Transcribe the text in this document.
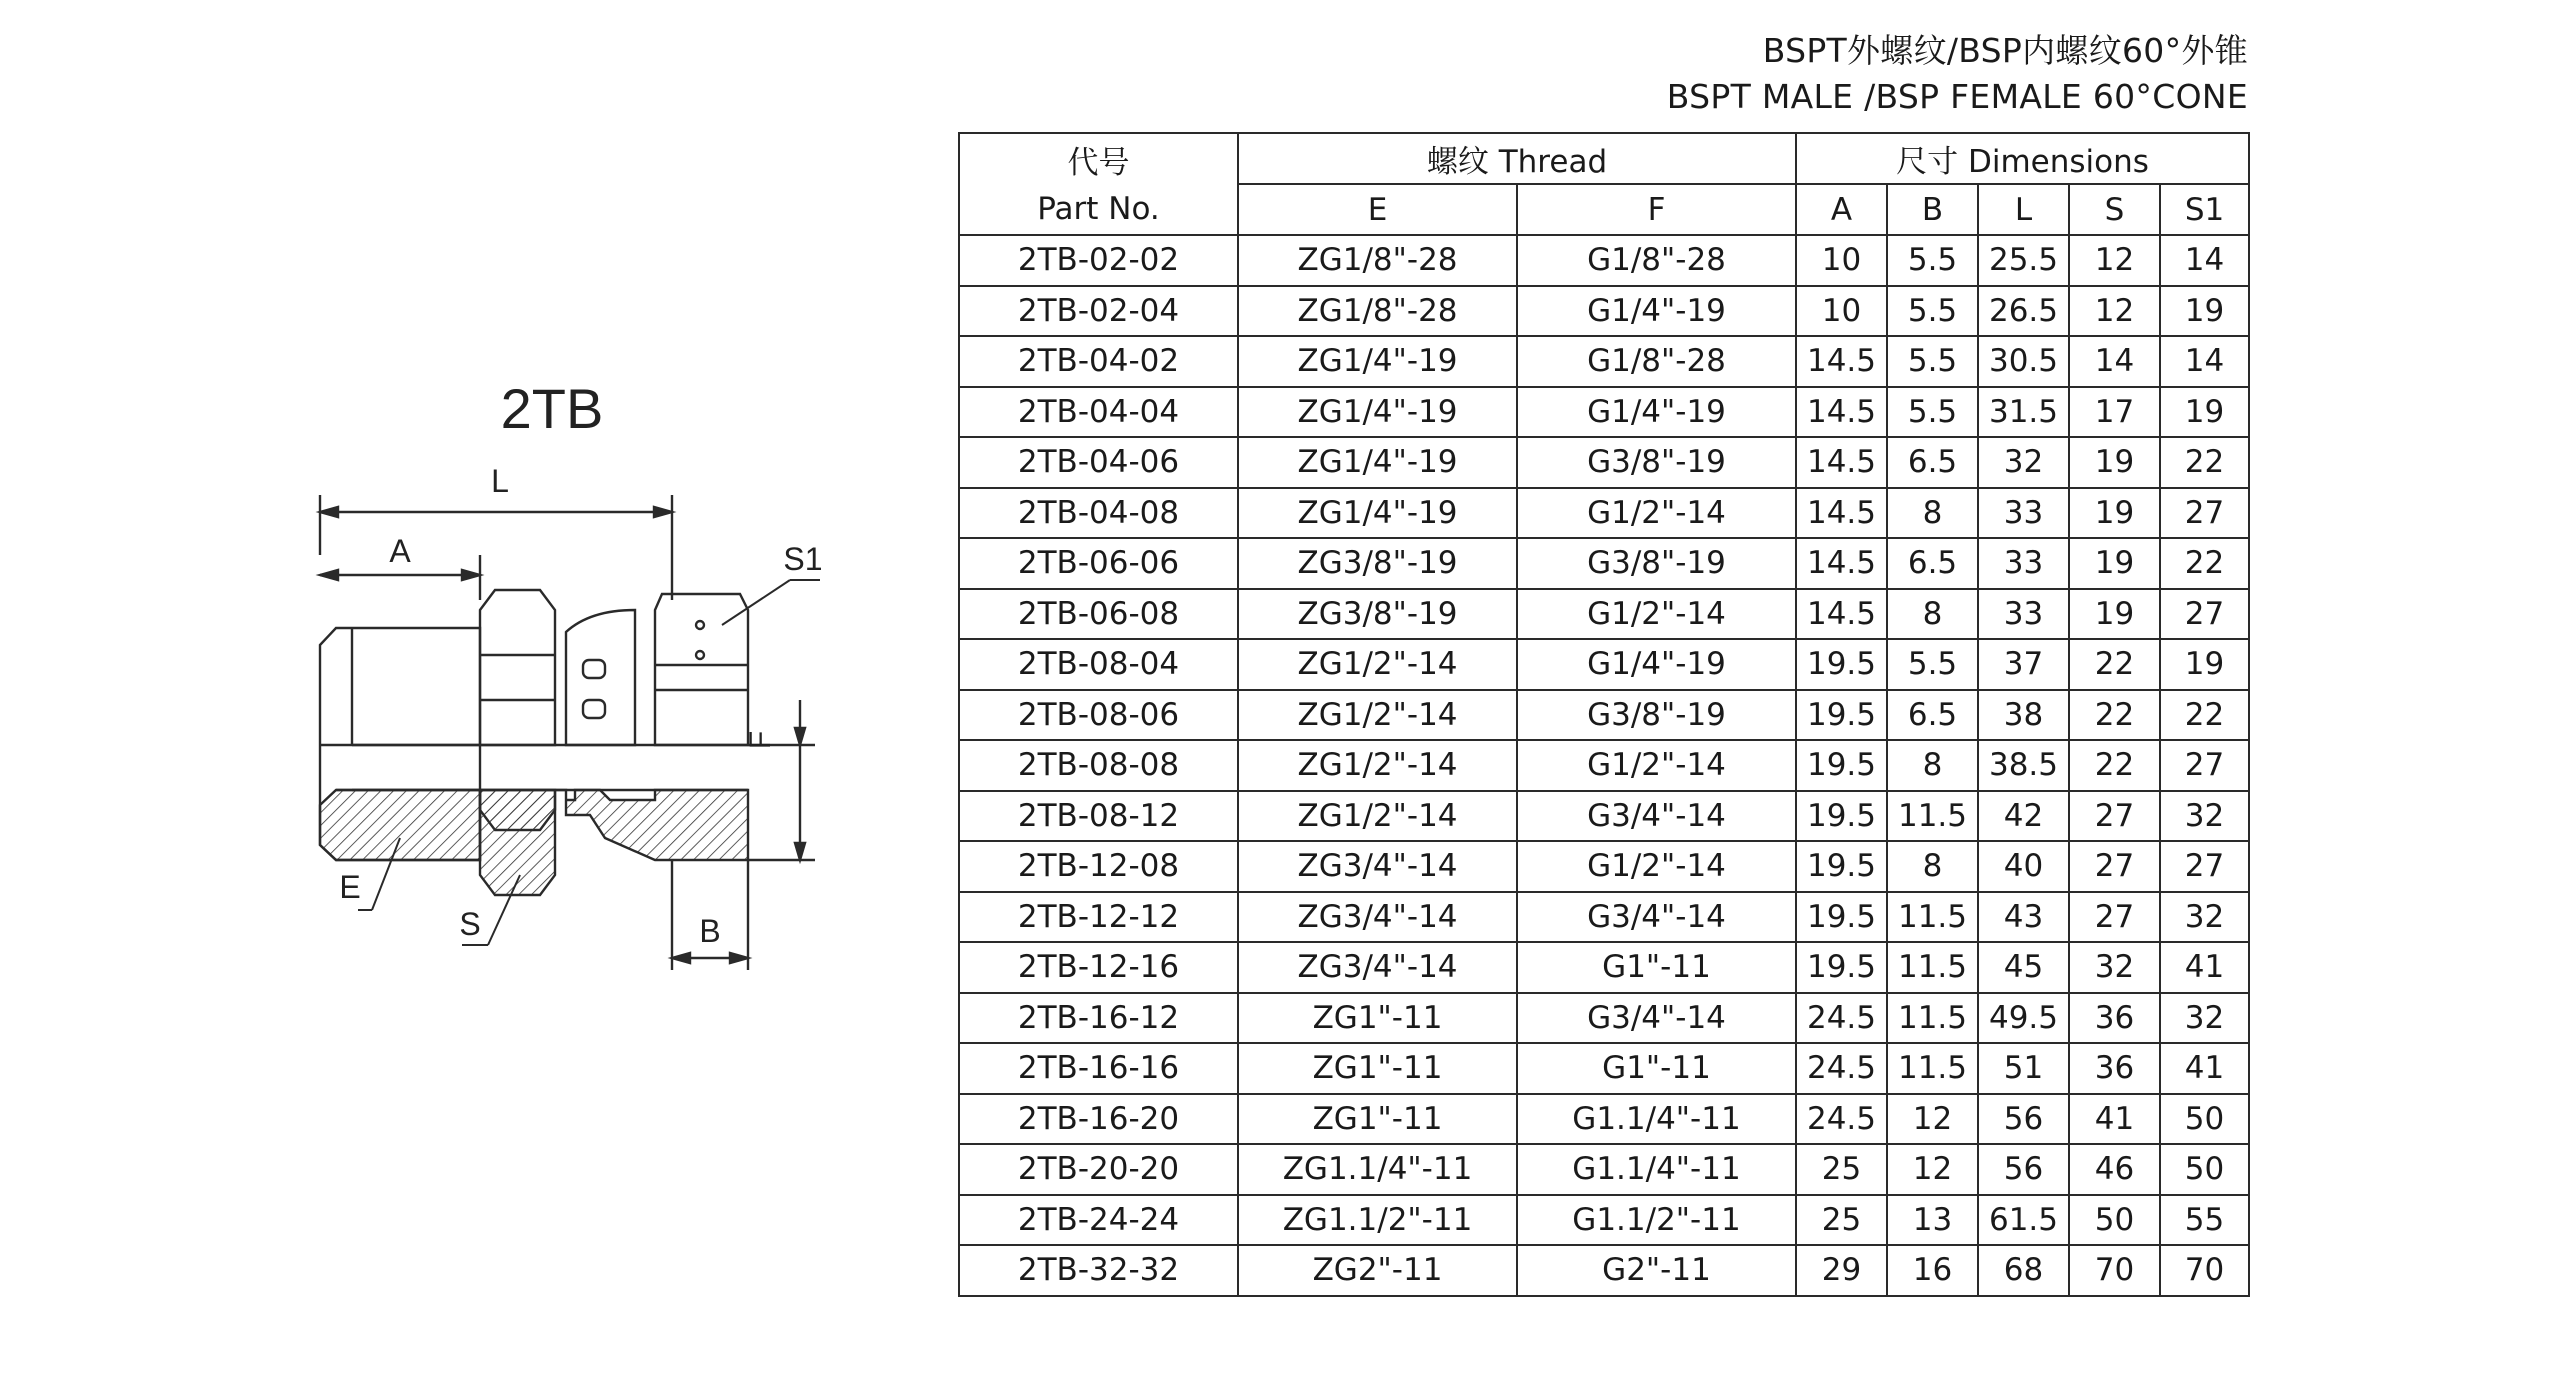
2TB
L
A	S1
F
E
S	B
BSPT外螺纹/BSP内螺纹60°外锥
BSPT MALE /BSP FEMALE 60°CONE
代号	螺纹 Thread		尺寸 Dimensions				
Part No.	E	F	A	B	L	S	S1
2TB-02-02	ZG1/8"-28	G1/8"-28	10	5.5	25.5	12	14
2TB-02-04	ZG1/8"-28	G1/4"-19	10	5.5	26.5	12	19
2TB-04-02	ZG1/4"-19	G1/8"-28	14.5	5.5	30.5	14	14
2TB-04-04	ZG1/4"-19	G1/4"-19	14.5	5.5	31.5	17	19
2TB-04-06	ZG1/4"-19	G3/8"-19	14.5	6.5	32	19	22
2TB-04-08	ZG1/4"-19	G1/2"-14	14.5	8	33	19	27
2TB-06-06	ZG3/8"-19	G3/8"-19	14.5	6.5	33	19	22
2TB-06-08	ZG3/8"-19	G1/2"-14	14.5	8	33	19	27
2TB-08-04	ZG1/2"-14	G1/4"-19	19.5	5.5	37	22	19
2TB-08-06	ZG1/2"-14	G3/8"-19	19.5	6.5	38	22	22
2TB-08-08	ZG1/2"-14	G1/2"-14	19.5	8	38.5	22	27
2TB-08-12	ZG1/2"-14	G3/4"-14	19.5	11.5	42	27	32
2TB-12-08	ZG3/4"-14	G1/2"-14	19.5	8	40	27	27
2TB-12-12	ZG3/4"-14	G3/4"-14	19.5	11.5	43	27	32
2TB-12-16	ZG3/4"-14	G1"-11	19.5	11.5	45	32	41
2TB-16-12	ZG1"-11	G3/4"-14	24.5	11.5	49.5	36	32
2TB-16-16	ZG1"-11	G1"-11	24.5	11.5	51	36	41
2TB-16-20	ZG1"-11	G1.1/4"-11	24.5	12	56	41	50
2TB-20-20	ZG1.1/4"-11	G1.1/4"-11	25	12	56	46	50
2TB-24-24	ZG1.1/2"-11	G1.1/2"-11	25	13	61.5	50	55
2TB-32-32	ZG2"-11	G2"-11	29	16	68	70	70
